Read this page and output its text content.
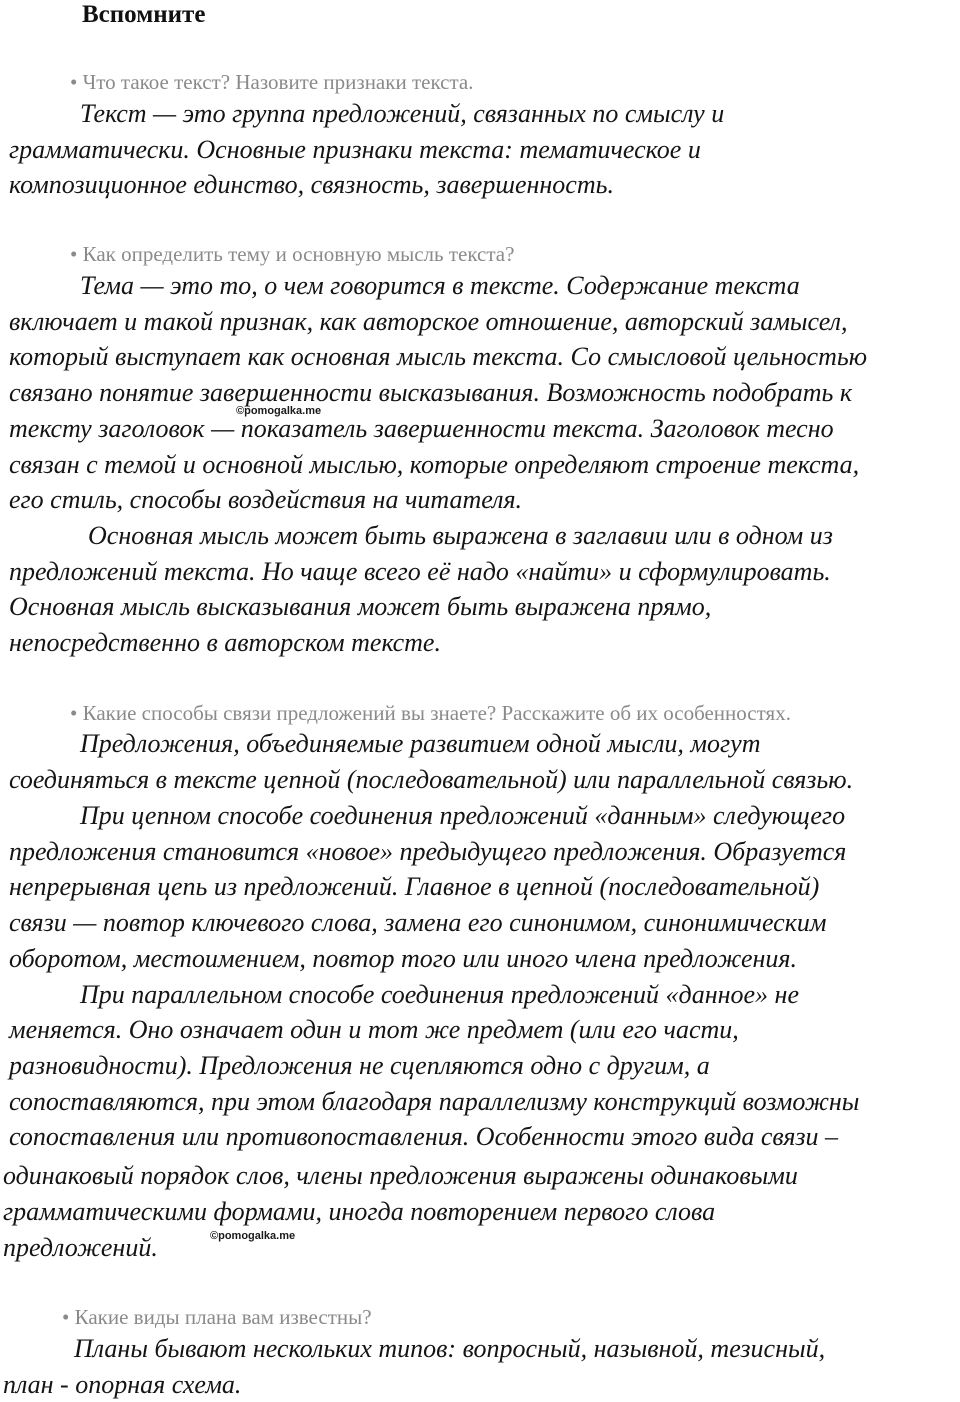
Вспомните
• Что такое текст? Назовите признаки текста.
Текст — это группа предложений, связанных по смыслу и
грамматически. Основные признаки текста: тематическое и
композиционное единство, связность, завершенность.
• Как определить тему и основную мысль текста?
Тема — это то, о чем говорится в тексте. Содержание текста
включает и такой признак, как авторское отношение, авторский замысел,
который выступает как основная мысль текста. Со смысловой цельностью
связано понятие завершенности высказывания. Возможность подобрать к
©pomogalka.me
тексту заголовок — показатель завершенности текста. Заголовок тесно
связан с темой и основной мыслью, которые определяют строение текста,
его стиль, способы воздействия на читателя.
Основная мысль может быть выражена в заглавии или в одном из
предложений текста. Но чаще всего её надо «найти» и сформулировать.
Основная мысль высказывания может быть выражена прямо,
непосредственно в авторском тексте.
• Какие способы связи предложений вы знаете? Расскажите об их особенностях.
Предложения, объединяемые развитием одной мысли, могут
соединяться в тексте цепной (последовательной) или параллельной связью.
При цепном способе соединения предложений «данным» следующего
предложения становится «новое» предыдущего предложения. Образуется
непрерывная цепь из предложений. Главное в цепной (последовательной)
связи — повтор ключевого слова, замена его синонимом, синонимическим
оборотом, местоимением, повтор того или иного члена предложения.
При параллельном способе соединения предложений «данное» не
меняется. Оно означает один и тот же предмет (или его части,
разновидности). Предложения не сцепляются одно с другим, а
сопоставляются, при этом благодаря параллелизму конструкций возможны
сопоставления или противопоставления. Особенности этого вида связи –
одинаковый порядок слов, члены предложения выражены одинаковыми
грамматическими формами, иногда повторением первого слова
©pomogalka.me
предложений.
• Какие виды плана вам известны?
Планы бывают нескольких типов: вопросный, назывной, тезисный,
план - опорная схема.
